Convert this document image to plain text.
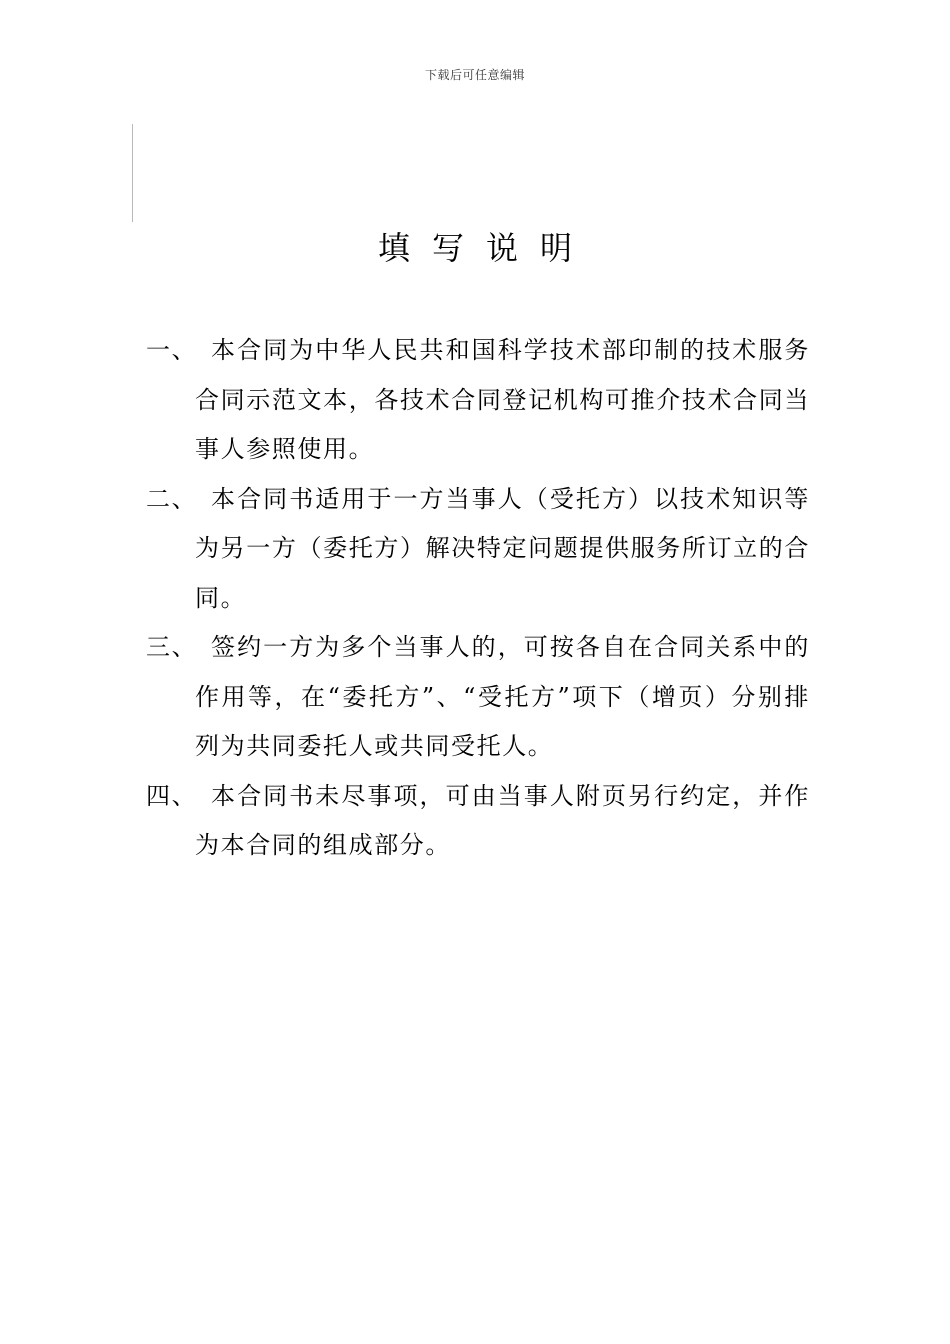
下载后可任意编辑
填写说明
一、 本合同为中华人民共和国科学技术部印制的技术服务合同示范文本，各技术合同登记机构可推介技术合同当事人参照使用。
二、 本合同书适用于一方当事人（受托方）以技术知识等为另一方（委托方）解决特定问题提供服务所订立的合同。
三、 签约一方为多个当事人的，可按各自在合同关系中的作用等，在“委托方”、“受托方”项下（增页）分别排列为共同委托人或共同受托人。
四、 本合同书未尽事项，可由当事人附页另行约定，并作为本合同的组成部分。
